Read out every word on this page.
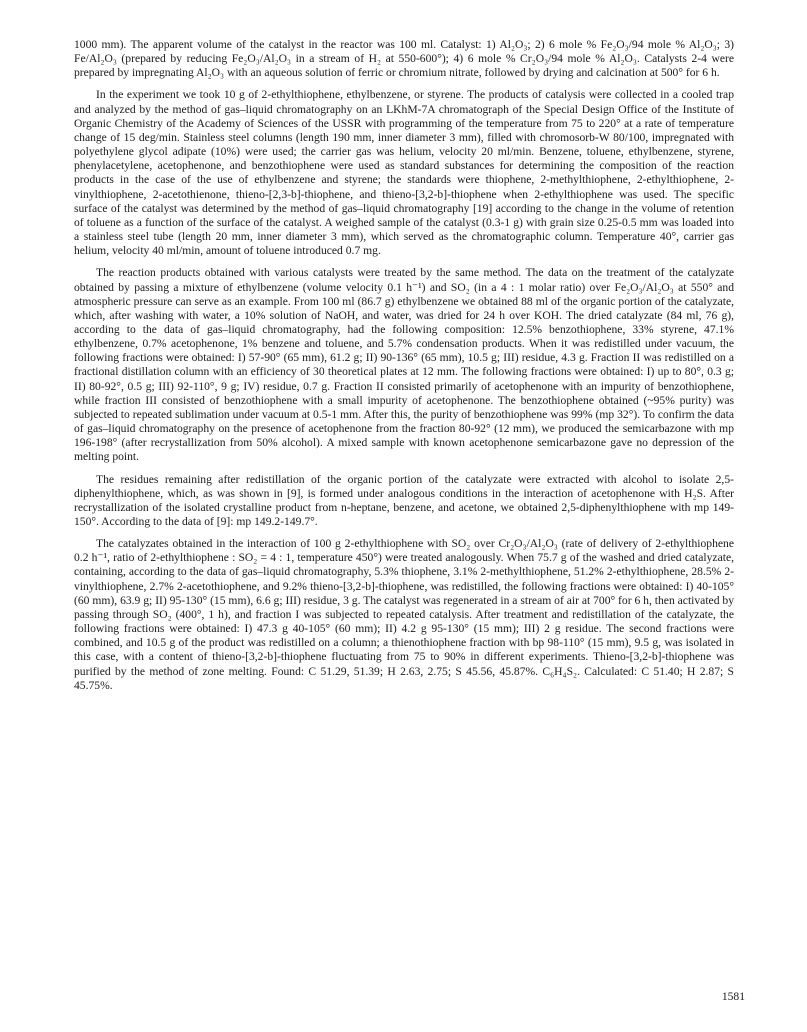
1000 mm). The apparent volume of the catalyst in the reactor was 100 ml. Catalyst: 1) Al₂O₃; 2) 6 mole % Fe₂O₃/94 mole % Al₂O₃; 3) Fe/Al₂O₃ (prepared by reducing Fe₂O₃/Al₂O₃ in a stream of H₂ at 550-600°); 4) 6 mole % Cr₂O₃/94 mole % Al₂O₃. Catalysts 2-4 were prepared by impregnating Al₂O₃ with an aqueous solution of ferric or chromium nitrate, followed by drying and calcination at 500° for 6 h.

In the experiment we took 10 g of 2-ethylthiophene, ethylbenzene, or styrene. The products of catalysis were collected in a cooled trap and analyzed by the method of gas–liquid chromatography on an LKhM-7A chromatograph of the Special Design Office of the Institute of Organic Chemistry of the Academy of Sciences of the USSR with programming of the temperature from 75 to 220° at a rate of temperature change of 15 deg/min. Stainless steel columns (length 190 mm, inner diameter 3 mm), filled with chromosorb-W 80/100, impregnated with polyethylene glycol adipate (10%) were used; the carrier gas was helium, velocity 20 ml/min. Benzene, toluene, ethylbenzene, styrene, phenylacetylene, acetophenone, and benzothiophene were used as standard substances for determining the composition of the reaction products in the case of the use of ethylbenzene and styrene; the standards were thiophene, 2-methylthiophene, 2-ethylthiophene, 2-vinylthiophene, 2-acetothienone, thieno-[2,3-b]-thiophene, and thieno-[3,2-b]-thiophene when 2-ethylthiophene was used. The specific surface of the catalyst was determined by the method of gas–liquid chromatography [19] according to the change in the volume of retention of toluene as a function of the surface of the catalyst. A weighed sample of the catalyst (0.3-1 g) with grain size 0.25-0.5 mm was loaded into a stainless steel tube (length 20 mm, inner diameter 3 mm), which served as the chromatographic column. Temperature 40°, carrier gas helium, velocity 40 ml/min, amount of toluene introduced 0.7 mg.

The reaction products obtained with various catalysts were treated by the same method. The data on the treatment of the catalyzate obtained by passing a mixture of ethylbenzene (volume velocity 0.1 h⁻¹) and SO₂ (in a 4 : 1 molar ratio) over Fe₂O₃/Al₂O₃ at 550° and atmospheric pressure can serve as an example. From 100 ml (86.7 g) ethylbenzene we obtained 88 ml of the organic portion of the catalyzate, which, after washing with water, a 10% solution of NaOH, and water, was dried for 24 h over KOH. The dried catalyzate (84 ml, 76 g), according to the data of gas–liquid chromatography, had the following composition: 12.5% benzothiophene, 33% styrene, 47.1% ethylbenzene, 0.7% acetophenone, 1% benzene and toluene, and 5.7% condensation products. When it was redistilled under vacuum, the following fractions were obtained: I) 57-90° (65 mm), 61.2 g; II) 90-136° (65 mm), 10.5 g; III) residue, 4.3 g. Fraction II was redistilled on a fractional distillation column with an efficiency of 30 theoretical plates at 12 mm. The following fractions were obtained: I) up to 80°, 0.3 g; II) 80-92°, 0.5 g; III) 92-110°, 9 g; IV) residue, 0.7 g. Fraction II consisted primarily of acetophenone with an impurity of benzothiophene, while fraction III consisted of benzothiophene with a small impurity of acetophenone. The benzothiophene obtained (~95% purity) was subjected to repeated sublimation under vacuum at 0.5-1 mm. After this, the purity of benzothiophene was 99% (mp 32°). To confirm the data of gas–liquid chromatography on the presence of acetophenone from the fraction 80-92° (12 mm), we produced the semicarbazone with mp 196-198° (after recrystallization from 50% alcohol). A mixed sample with known acetophenone semicarbazone gave no depression of the melting point.

The residues remaining after redistillation of the organic portion of the catalyzate were extracted with alcohol to isolate 2,5-diphenylthiophene, which, as was shown in [9], is formed under analogous conditions in the interaction of acetophenone with H₂S. After recrystallization of the isolated crystalline product from n-heptane, benzene, and acetone, we obtained 2,5-diphenylthiophene with mp 149-150°. According to the data of [9]: mp 149.2-149.7°.

The catalyzates obtained in the interaction of 100 g 2-ethylthiophene with SO₂ over Cr₂O₃/Al₂O₃ (rate of delivery of 2-ethylthiophene 0.2 h⁻¹, ratio of 2-ethylthiophene : SO₂ = 4 : 1, temperature 450°) were treated analogously. When 75.7 g of the washed and dried catalyzate, containing, according to the data of gas–liquid chromatography, 5.3% thiophene, 3.1% 2-methylthiophene, 51.2% 2-ethylthiophene, 28.5% 2-vinylthiophene, 2.7% 2-acetothiophene, and 9.2% thieno-[3,2-b]-thiophene, was redistilled, the following fractions were obtained: I) 40-105° (60 mm), 63.9 g; II) 95-130° (15 mm), 6.6 g; III) residue, 3 g. The catalyst was regenerated in a stream of air at 700° for 6 h, then activated by passing through SO₂ (400°, 1 h), and fraction I was subjected to repeated catalysis. After treatment and redistillation of the catalyzate, the following fractions were obtained: I) 47.3 g 40-105° (60 mm); II) 4.2 g 95-130° (15 mm); III) 2 g residue. The second fractions were combined, and 10.5 g of the product was redistilled on a column; a thienothiophene fraction with bp 98-110° (15 mm), 9.5 g, was isolated in this case, with a content of thieno-[3,2-b]-thiophene fluctuating from 75 to 90% in different experiments. Thieno-[3,2-b]-thiophene was purified by the method of zone melting. Found: C 51.29, 51.39; H 2.63, 2.75; S 45.56, 45.87%. C₆H₄S₂. Calculated: C 51.40; H 2.87; S 45.75%.

1581
